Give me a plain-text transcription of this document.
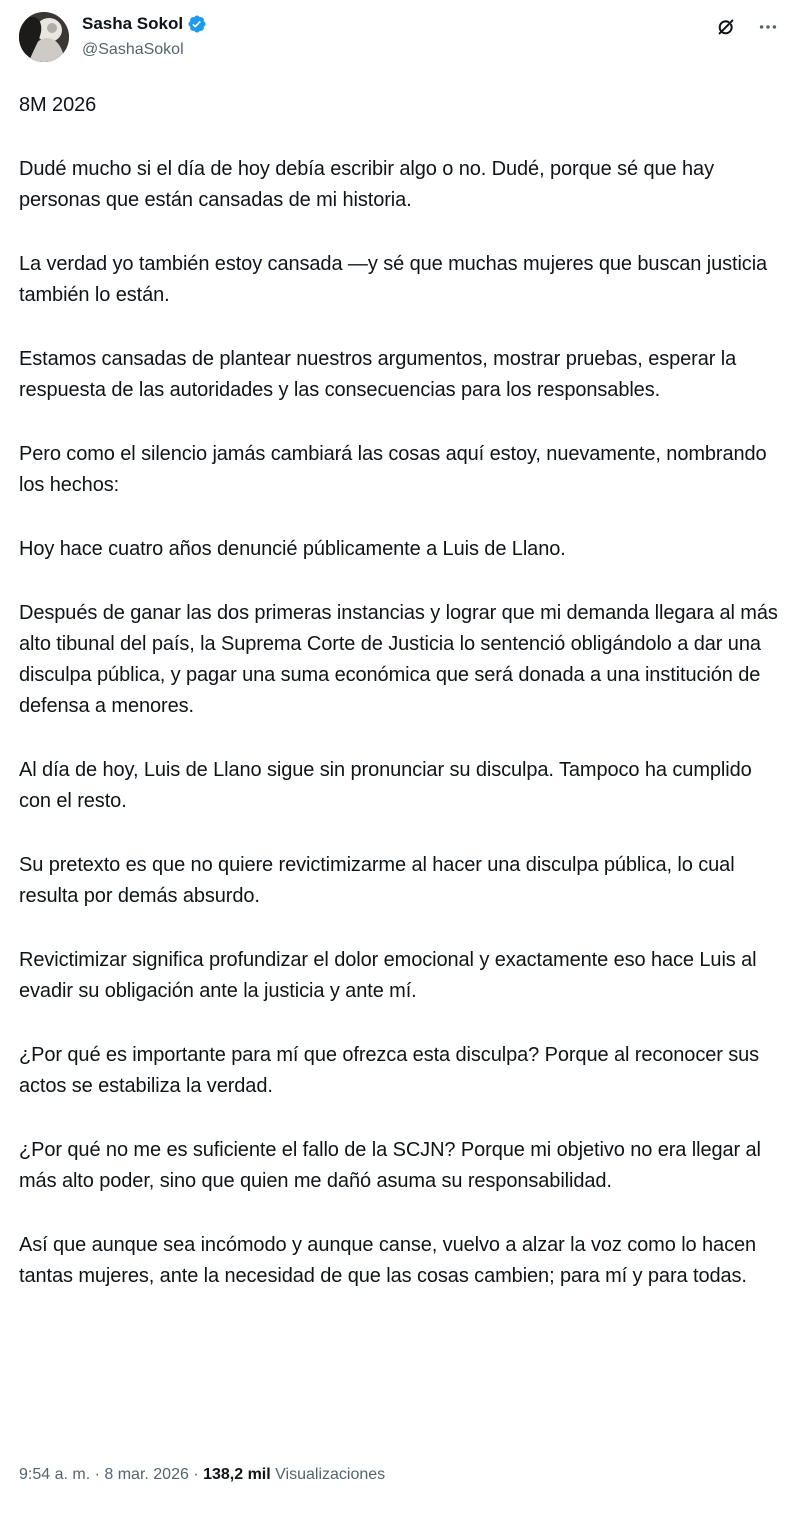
Sasha Sokol
@SashaSokol

8M 2026

Dudé mucho si el día de hoy debía escribir algo o no. Dudé, porque sé que hay personas que están cansadas de mi historia.

La verdad yo también estoy cansada —y sé que muchas mujeres que buscan justicia
también lo están.

Estamos cansadas de plantear nuestros argumentos, mostrar pruebas, esperar la respuesta de las autoridades y las consecuencias para los responsables.

Pero como el silencio jamás cambiará las cosas aquí estoy, nuevamente, nombrando los hechos:

Hoy hace cuatro años denuncié públicamente a Luis de Llano.

Después de ganar las dos primeras instancias y lograr que mi demanda llegara al más alto tibunal del país, la Suprema Corte de Justicia lo sentenció obligándolo a dar una disculpa pública, y pagar una suma económica que será donada a una institución de defensa a menores.

Al día de hoy, Luis de Llano sigue sin pronunciar su disculpa. Tampoco ha cumplido con el resto.

Su pretexto es que no quiere revictimizarme al hacer una disculpa pública, lo cual resulta por demás absurdo.

Revictimizar significa profundizar el dolor emocional y exactamente eso hace Luis al evadir su obligación ante la justicia y ante mí.

¿Por qué es importante para mí que ofrezca esta disculpa? Porque al reconocer sus actos se estabiliza la verdad.

¿Por qué no me es suficiente el fallo de la SCJN? Porque mi objetivo no era llegar al más alto poder, sino que quien me dañó asuma su responsabilidad.

Así que aunque sea incómodo y aunque canse, vuelvo a alzar la voz como lo hacen tantas mujeres, ante la necesidad de que las cosas cambien; para mí y para todas.

9:54 a. m. · 8 mar. 2026 · 138,2 mil Visualizaciones
